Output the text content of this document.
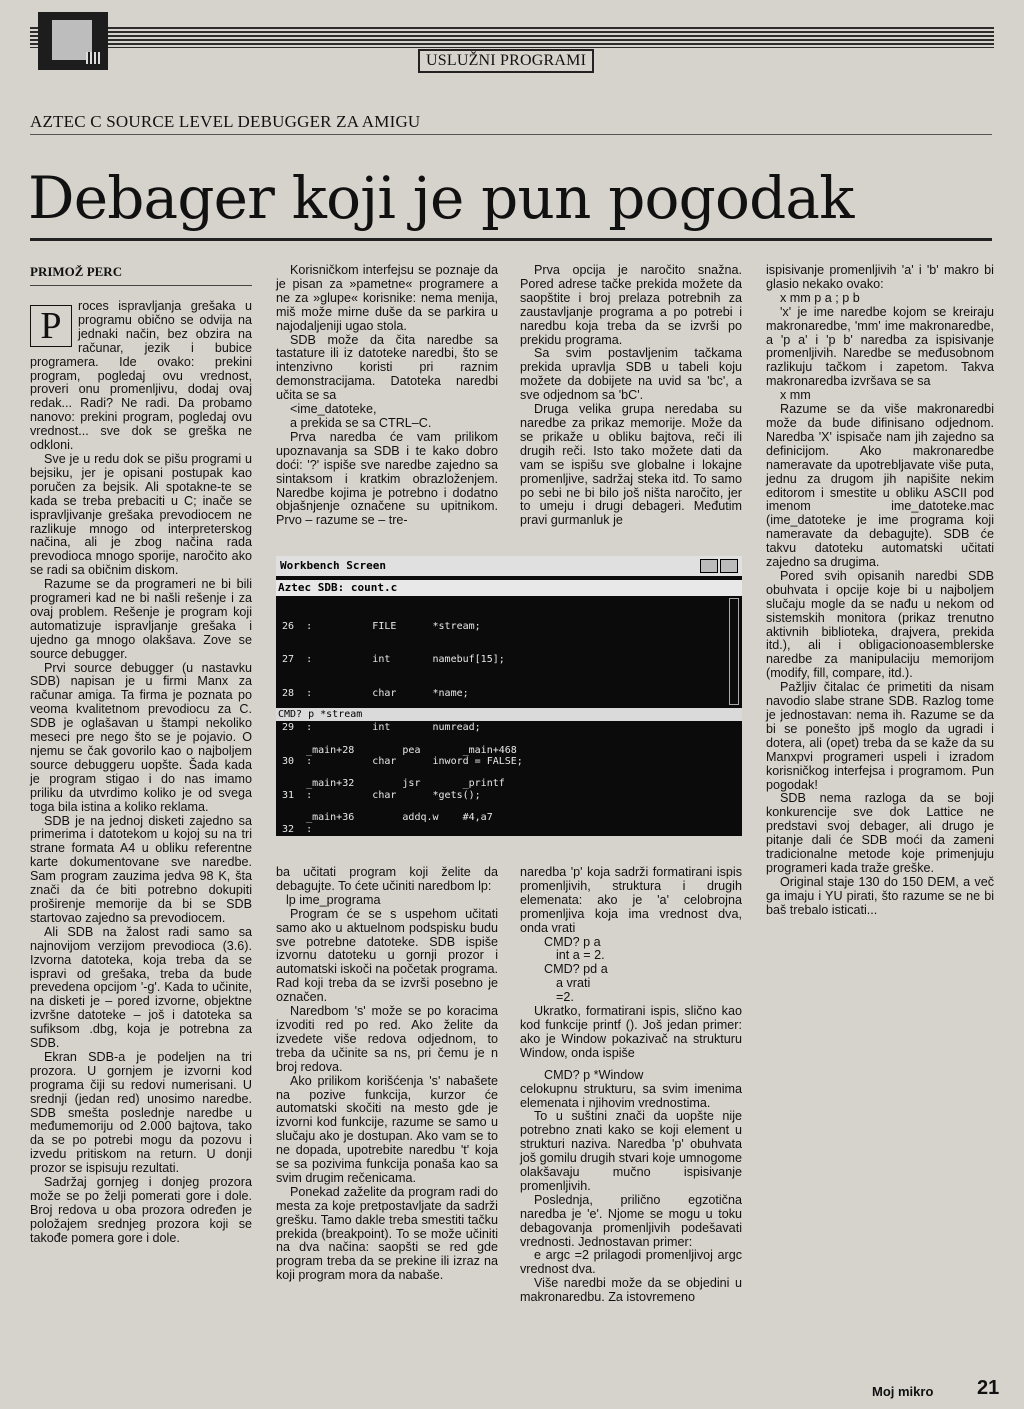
USLUŽNI PROGRAMI
AZTEC C SOURCE LEVEL DEBUGGER ZA AMIGU
Debager koji je pun pogodak
PRIMOŽ PERC

P	roces ispravljanja grešaka u programu obično se odvija na jednaki način, bez obzira na računar, jezik i bubice programera. Ide ovako: prekini program, pogledaj ovu vrednost, proveri onu promenljivu, dodaj ovaj redak... Radi? Ne radi. Da probamo nanovo: prekini program, pogledaj ovu vrednost... sve dok se greška ne odkloni.

Sve je u redu dok se pišu programi u bejsiku, jer je opisani postupak kao poručen za bejsik. Ali spotakne-te se kada se treba prebaciti u C; inače se ispravljivanje grešaka prevodiocem ne razlikuje mnogo od interpreterskog načina, ali je zbog načina rada prevodioca mnogo sporije, naročito ako se radi sa običnim diskom.

Razume se da programeri ne bi bili programeri kad ne bi našli rešenje i za ovaj problem. Rešenje je program koji automatizuje ispravljanje grešaka i ujedno ga mnogo olakšava. Zove se source debugger.

Prvi source debugger (u nastavku SDB) napisan je u firmi Manx za računar amiga. Ta firma je poznata po veoma kvalitetnom prevodiocu za C. SDB je oglašavan u štampi nekoliko meseci pre nego što se je pojavio. O njemu se čak govorilo kao o najboljem source debuggeru uopšte. Šada kada je program stigao i do nas imamo priliku da utvrdimo koliko je od svega toga bila istina a koliko reklama.

SDB je na jednoj disketi zajedno sa primerima i datotekom u kojoj su na tri strane formata A4 u obliku referentne karte dokumentovane sve naredbe. Sam program zauzima jedva 98 K, šta znači da će biti potrebno dokupiti proširenje memorije da bi se SDB startovao zajedno sa prevodiocem.

Ali SDB na žalost radi samo sa najnovijom verzijom prevodioca (3.6). Izvorna datoteka, koja treba da se ispravi od grešaka, treba da bude prevedena opcijom '-g'. Kada to učinite, na disketi je – pored izvorne, objektne izvršne datoteke – još i datoteka sa sufiksom .dbg, koja je potrebna za SDB.

Ekran SDB-a je podeljen na tri prozora. U gornjem je izvorni kod programa čiji su redovi numerisani. U srednji (jedan red) unosimo naredbe. SDB smešta poslednje naredbe u međumemoriju od 2.000 bajtova, tako da se po potrebi mogu da pozovu i izvedu pritiskom na return. U donji prozor se ispisuju rezultati.

Sadržaj gornjeg i donjeg prozora može se po želji pomerati gore i dole. Broj redova u oba prozora određen je položajem srednjeg prozora koji se takođe pomera gore i dole.

Korisničkom interfejsu se poznaje da je pisan za »pametne« programere a ne za »glupe« korisnike: nema menija, miš može mirne duše da se parkira u najodaljeniji ugao stola.

SDB može da čita naredbe sa tastature ili iz datoteke naredbi, što se intenzivno koristi pri raznim demonstracijama. Datoteka naredbi učita se sa

<ime_datoteke,

a prekida se sa CTRL–C.

Prva naredba će vam prilikom upoznavanja sa SDB i te kako dobro doći: '?' ispiše sve naredbe zajedno sa sintaksom i kratkim obrazloženjem. Naredbe kojima je potrebno i dodatno objašnjenje označene su upitnikom. Prvo – razume se – tre-

Prva opcija je naročito snažna. Pored adrese tačke prekida možete da saopštite i broj prelaza potrebnih za zaustavljanje programa a po potrebi i naredbu koja treba da se izvrši po prekidu programa.

Sa svim postavljenim tačkama prekida upravlja SDB u tabeli koju možete da dobijete na uvid sa 'bc', a sve odjednom sa 'bC'.

Druga velika grupa neredaba su naredbe za prikaz memorije. Može da se prikaže u obliku bajtova, reči ili drugih reči. Isto tako možete dati da vam se ispišu sve globalne i lokajne promenljive, sadržaj steka itd. To samo po sebi ne bi bilo još ništa naročito, jer to umeju i drugi debageri. Međutim pravi gurmanluk je

Workbench Screen
Aztec SDB: count.c

26  :          FILE      *stream;

27  :          int       namebuf[15];

28  :          char      *name;

29  :          int       numread;

30  :          char      inword = FALSE;

31  :          char      *gets();

32  :

CMD? p *stream

_main+28        pea       _main+468

_main+32        jsr       _printf

_main+36        addq.w    #4,a7

ba učitati program koji želite da debagujte. To ćete učiniti naredbom lp:

lp ime_programa

Program će se s uspehom učitati samo ako u aktuelnom podspisku budu sve potrebne datoteke. SDB ispiše izvornu datoteku u gornji prozor i automatski iskoči na početak programa. Rad koji treba da se izvrši posebno je označen.

Naredbom 's' može se po koracima izvoditi red po red. Ako želite da izvedete više redova odjednom, to treba da učinite sa ns, pri čemu je n broj redova.

Ako prilikom korišćenja 's' nabašete na pozive funkcija, kurzor će automatski skočiti na mesto gde je izvorni kod funkcije, razume se samo u slučaju ako je dostupan. Ako vam se to ne dopada, upotrebite naredbu 't' koja se sa pozivima funkcija ponaša kao sa svim drugim rečenicama.

Ponekad zaželite da program radi do mesta za koje pretpostavljate da sadrži grešku. Tamo dakle treba smestiti tačku prekida (breakpoint). To se može učiniti na dva načina: saopšti se red gde program treba da se prekine ili izraz na koji program mora da nabaše.

naredba 'p' koja sadrži formatirani ispis promenljivih, struktura i drugih elemenata: ako je 'a' celobrojna promenljiva koja ima vrednost dva, onda vrati

CMD? p a

int a = 2.

CMD? pd a

a vrati

=2.

Ukratko, formatirani ispis, slično kao kod funkcije printf (). Još jedan primer: ako je Window pokazivač na strukturu Window, onda ispiše

CMD? p *Window

celokupnu strukturu, sa svim imenima elemenata i njihovim vrednostima.

To u suštini znači da uopšte nije potrebno znati kako se koji element u strukturi naziva. Naredba 'p' obuhvata još gomilu drugih stvari koje umnogome olakšavaju mučno ispisivanje promenljivih.

Poslednja, prilično egzotična naredba je 'e'. Njome se mogu u toku debagovanja promenljivih podešavati vrednosti. Jednostavan primer:

e argc =2 prilagodi promenljivoj argc vrednost dva.

Više naredbi može da se objedini u makronaredbu. Za istovremeno

ispisivanje promenljivih 'a' i 'b' makro bi glasio nekako ovako:

x mm p a ; p b

'x' je ime naredbe kojom se kreiraju makronaredbe, 'mm' ime makronaredbe, a 'p a' i 'p b' naredba za ispisivanje promenljivih. Naredbe se međusobnom razlikuju tačkom i zapetom. Takva makronaredba izvršava se sa

x mm

Razume se da više makronaredbi može da bude difinisano odjednom. Naredba 'X' ispisače nam jih zajedno sa definicijom. Ako makronaredbe nameravate da upotrebljavate više puta, jednu za drugom jih napišite nekim editorom i smestite u obliku ASCII pod imenom ime_datoteke.mac (ime_datoteke je ime programa koji nameravate da debagujte). SDB će takvu datoteku automatski učitati zajedno sa drugima.

Pored svih opisanih naredbi SDB obuhvata i opcije koje bi u najboljem slučaju mogle da se nađu u nekom od sistemskih monitora (prikaz trenutno aktivnih biblioteka, drajvera, prekida itd.), ali i obligacionoasemblerske naredbe za manipulaciju memorijom (modify, fill, compare, itd.).

Pažljiv čitalac će primetiti da nisam navodio slabe strane SDB. Razlog tome je jednostavan: nema ih. Razume se da bi se ponešto jpš moglo da ugradi i dotera, ali (opet) treba da se kaže da su Manxpvi programeri uspeli i izradom korisničkog interfejsa i programom. Pun pogodak!

SDB nema razloga da se boji konkurencije sve dok Lattice ne predstavi svoj debager, ali drugo je pitanje dali će SDB moći da zameni tradicionalne metode koje primenjuju programeri kada traže greške.

Original staje 130 do 150 DEM, a več ga imaju i YU pirati, što razume se ne bi baš trebalo isticati...

Moj mikro 21
